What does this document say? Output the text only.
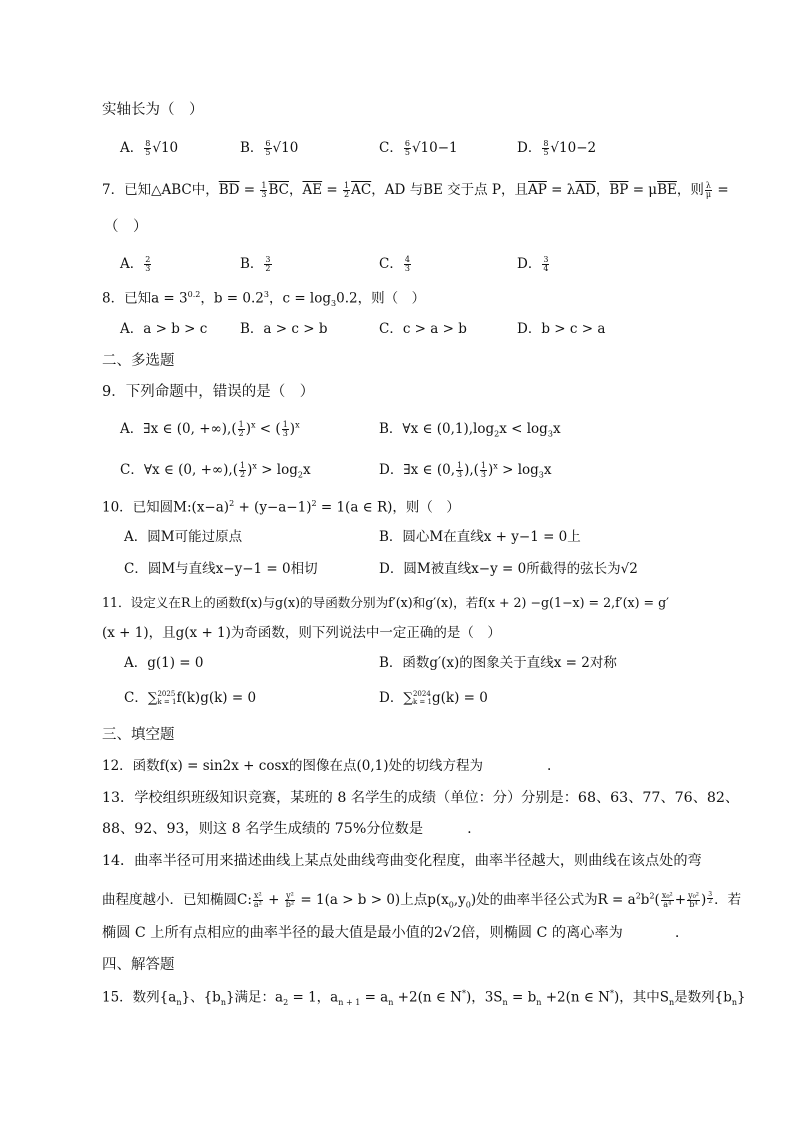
实轴长为（　）
A． $\frac{8}{5} √10$	B． $\frac{6}{5} √10$	C． $\frac{6}{5} √10-1$	D． $\frac{8}{5} √10-2$
7．已知△ABC中，$\overline{BD} = \frac{1}{3} \overline{BC}$，$\overline{AE} = \frac{1}{2} \overline{AC}$，AD 与BE 交于点 P，且$\overline{AP} = \lambda\overline{AD}$，$\overline{BP} = \mu\overline{BE}$，则 $\frac{\lambda}{\mu}$ =
（　）
A． $\frac{2}{3}$	B． $\frac{3}{2}$	C． $\frac{4}{3}$	D． $\frac{3}{4}$
8．已知$a = 3^{0.2}$，$b = 0.2^3$，$c = \log_30.2$，则（　）
A．a > b > c B．a > c > b	C．c > a > b	D．b > c > a
二、多选题
9．下列命题中，错误的是（　）
A．∃x ∈ (0, +∞),( $\frac{1}{2} )^x$ < ( $\frac{1}{3} )^x$	B．∀x ∈ $(0,1),\log_2x < \log_3x$
C．∀x ∈ (0, +∞),( $\frac{1}{2} )^x > \log_2x$	D．∃x ∈ (0, $\frac{1}{3}$ ),( $\frac{1}{3} )^x > \log_3x$
10．已知圆$M:(x-a)^2 + (y-a-1)^2 = 1(a$ ∈ R)，则（　）
A．圆M可能过原点	B．圆心M在直线x + y−1 = 0上
C．圆M与直线x−y−1 = 0相切	D．圆M被直线x−y = 0所截得的弦长为√2
11．设定义在R上的函数f(x)与g(x)的导函数分别为f′(x)和g′(x)，若f(x + 2) −g(1−x) = 2,f′(x) = g′
(x + 1)，且g(x + 1)为奇函数，则下列说法中一定正确的是（　）
A．g(1) = 0	B．函数g′(x)的图象关于直线x = 2对称
C．∑ 2025
k = 1 f(k)g(k) = 0	D．∑ 2024
k = 1 g(k) = 0
三、填空题
12．函数f(x) = sin2x + cosx的图像在点(0,1)处的切线方程为	.
13．学校组织班级知识竞赛，某班的 8 名学生的成绩（单位：分）分别是：68、63、77、76、82、
88、92、93，则这 8 名学生成绩的 75%分位数是	.
14．曲率半径可用来描述曲线上某点处曲线弯曲变化程度，曲率半径越大，则曲线在该点处的弯
曲程度越小．已知椭圆C: $\frac{\text{x²}}{\text{a²}} + \frac{\text{y²}}{\text{b²}} = 1(a > b > 0)$上点$p(x_0,y_0)$处的曲率半径公式为$R = a^2b^2( \frac{\text{x₀²}}{\text{a⁴}} + \frac{\text{y₀²}}{\text{b⁴}}$ ) $\frac{3}{2}$ ．若
椭圆 C 上所有点相应的曲率半径的最大值是最小值的2√2倍，则椭圆 C 的离心率为	.
四、解答题
15．数列$\{a_n\}$、$\{b_n\}$满足：$a_2 = 1$，$a_{n + 1} = a_n +2(n$ ∈ N*)，$3S_n = b_n +2(n$ ∈ N*)，其中$S_n$是数列$\{b_n\}$
